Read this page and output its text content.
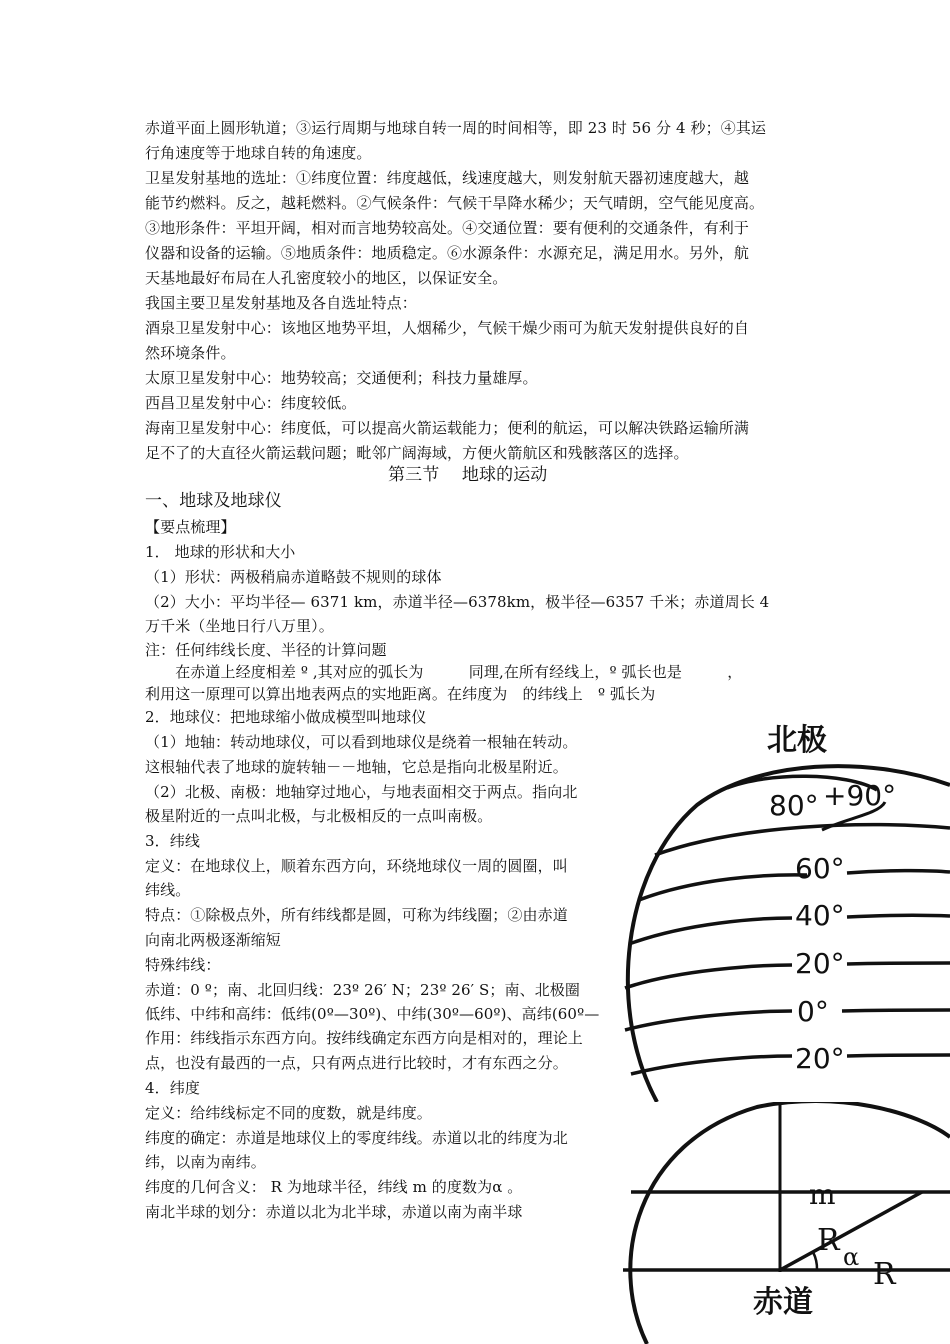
赤道平面上圆形轨道；③运行周期与地球自转一周的时间相等，即 23 时 56 分 4 秒；④其运
行角速度等于地球自转的角速度。
卫星发射基地的选址：①纬度位置：纬度越低，线速度越大，则发射航天器初速度越大，越
能节约燃料。反之，越耗燃料。②气候条件：气候干旱降水稀少；天气晴朗，空气能见度高。
③地形条件：平坦开阔，相对而言地势较高处。④交通位置：要有便利的交通条件，有利于
仪器和设备的运输。⑤地质条件：地质稳定。⑥水源条件：水源充足，满足用水。另外，航
天基地最好布局在人孔密度较小的地区，以保证安全。
我国主要卫星发射基地及各自选址特点：
酒泉卫星发射中心：该地区地势平坦，人烟稀少，气候干燥少雨可为航天发射提供良好的自
然环境条件。
太原卫星发射中心：地势较高；交通便利；科技力量雄厚。
西昌卫星发射中心：纬度较低。
海南卫星发射中心：纬度低，可以提高火箭运载能力；便利的航运，可以解决铁路运输所满
足不了的大直径火箭运载问题；毗邻广阔海域，方便火箭航区和残骸落区的选择。
第三节　 地球的运动
一、地球及地球仪
【要点梳理】
1． 地球的形状和大小
（1）形状：两极稍扁赤道略鼓不规则的球体
（2）大小：平均半径— 6371 km，赤道半径—6378km，极半径—6357 千米；赤道周长 4
万千米（坐地日行八万里）。
注：任何纬线长度、半径的计算问题
　　在赤道上经度相差 º ,其对应的弧长为　　　同理,在所有经线上，º 弧长也是　　　，
利用这一原理可以算出地表两点的实地距离。在纬度为　的纬线上　º 弧长为
2．地球仪：把地球缩小做成模型叫地球仪
（1）地轴：转动地球仪，可以看到地球仪是绕着一根轴在转动。
这根轴代表了地球的旋转轴－－地轴，它总是指向北极星附近。
（2）北极、南极：地轴穿过地心，与地表面相交于两点。指向北
极星附近的一点叫北极，与北极相反的一点叫南极。
3．纬线
定义：在地球仪上，顺着东西方向，环绕地球仪一周的圆圈，叫
纬线。
特点：①除极点外，所有纬线都是圆，可称为纬线圈；②由赤道
向南北两极逐渐缩短
特殊纬线：
赤道：0 º；南、北回归线：23º 26′ N；23º 26′ S；南、北极圈
低纬、中纬和高纬：低纬(0º—30º)、中纬(30º—60º)、高纬(60º—
作用：纬线指示东西方向。按纬线确定东西方向是相对的，理论上
点，也没有最西的一点，只有两点进行比较时，才有东西之分。
4．纬度
定义：给纬线标定不同的度数，就是纬度。
纬度的确定：赤道是地球仪上的零度纬线。赤道以北的纬度为北
纬，以南为南纬。
纬度的几何含义： R 为地球半径，纬线 m 的度数为α 。
南北半球的划分：赤道以北为北半球，赤道以南为南半球
北极
80° +90°
60°
40°
20°
0°
20°
m
R α R
赤道
